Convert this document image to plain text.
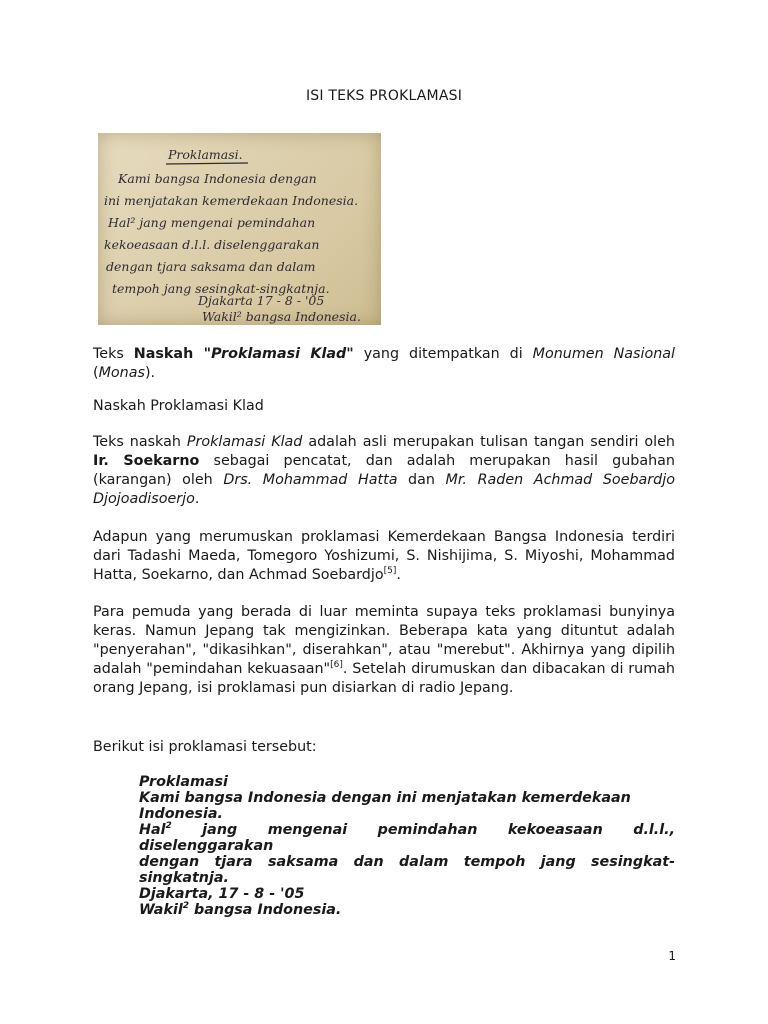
ISI TEKS PROKLAMASI
Proklamasi.
Kami bangsa Indonesia dengan
ini menjatakan kemerdekaan Indonesia.
Hal² jang mengenai pemindahan
kekoeasaan d.l.l. diselenggarakan
dengan tjara saksama dan dalam
tempoh jang sesingkat-singkatnja.
Djakarta 17 - 8 - '05
Wakil² bangsa Indonesia.

Teks Naskah "Proklamasi Klad" yang ditempatkan di Monumen Nasional (Monas).

Naskah Proklamasi Klad

Teks naskah Proklamasi Klad adalah asli merupakan tulisan tangan sendiri oleh Ir. Soekarno sebagai pencatat, dan adalah merupakan hasil gubahan (karangan) oleh Drs. Mohammad Hatta dan Mr. Raden Achmad Soebardjo Djojoadisoerjo.

Adapun yang merumuskan proklamasi Kemerdekaan Bangsa Indonesia terdiri dari Tadashi Maeda, Tomegoro Yoshizumi, S. Nishijima, S. Miyoshi, Mohammad Hatta, Soekarno, dan Achmad Soebardjo[5].

Para pemuda yang berada di luar meminta supaya teks proklamasi bunyinya keras. Namun Jepang tak mengizinkan. Beberapa kata yang dituntut adalah "penyerahan", "dikasihkan", diserahkan", atau "merebut". Akhirnya yang dipilih adalah "pemindahan kekuasaan"[6]. Setelah dirumuskan dan dibacakan di rumah orang Jepang, isi proklamasi pun disiarkan di radio Jepang.

Berikut isi proklamasi tersebut:

Proklamasi
Kami bangsa Indonesia dengan ini menjatakan kemerdekaan
Indonesia.
Hal$^2$ jang mengenai pemindahan kekoeasaan d.l.l.,
diselenggarakan
dengan tjara saksama dan dalam tempoh jang sesingkat-
singkatnja.
Djakarta, 17 - 8 - '05
Wakil$^2$ bangsa Indonesia.
1
